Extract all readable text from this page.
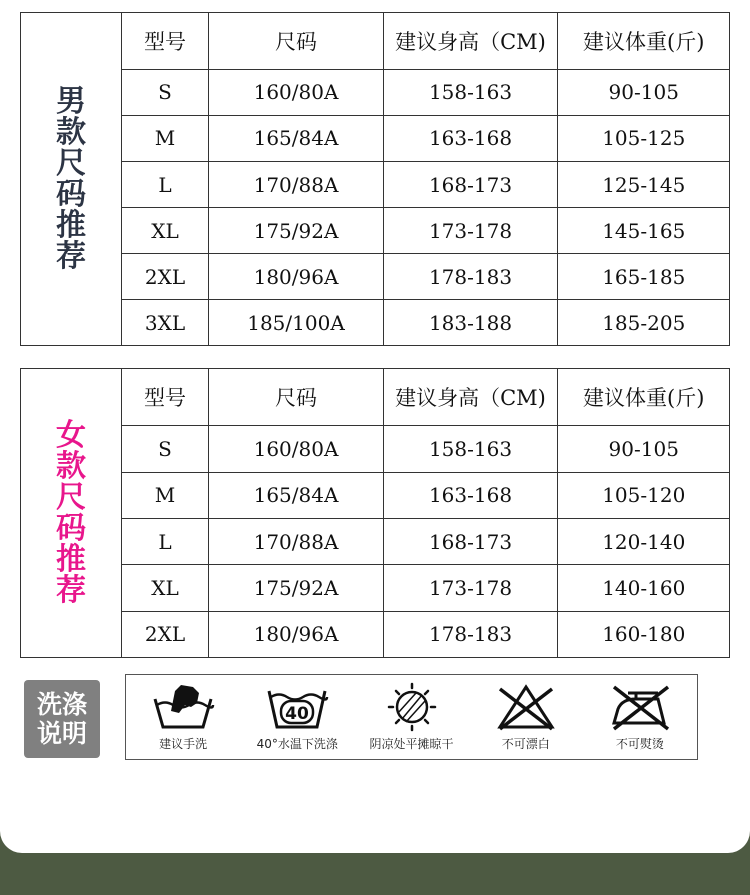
男
款
尺
码
推
荐
型号	尺码	建议身高（CM)	建议体重(斤)
S	160/80A	158-163	90-105
M	165/84A	163-168	105-125
L	170/88A	168-173	125-145
XL	175/92A	173-178	145-165
2XL	180/96A	178-183	165-185
3XL	185/100A	183-188	185-205
女
款
尺
码
推
荐
型号	尺码	建议身高（CM)	建议体重(斤)
S	160/80A	158-163	90-105
M	165/84A	163-168	105-120
L	170/88A	168-173	120-140
XL	175/92A	173-178	140-160
2XL	180/96A	178-183	160-180
洗涤
说明	建议手洗
40
40°水温下洗涤	阴凉处平摊晾干	不可漂白	不可熨烫
